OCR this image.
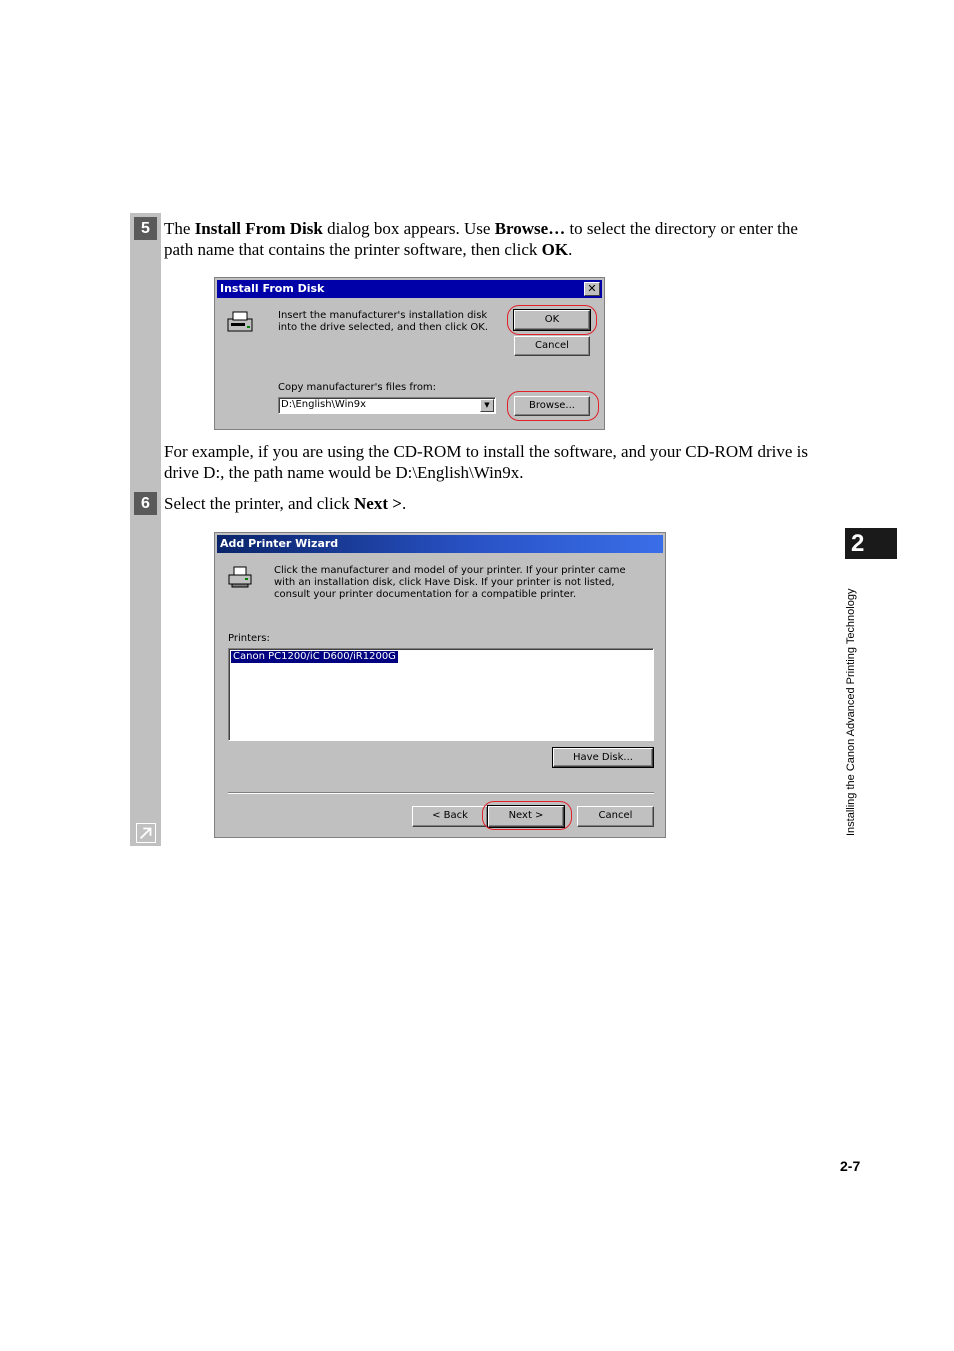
5 The Install From Disk dialog box appears. Use Browse… to select the directory or enter the path name that contains the printer software, then click OK.

Install From Disk	✕
Insert the manufacturer's installation disk into the drive selected, and then click OK.
OK
Cancel
Copy manufacturer's files from:
D:\English\Win9x	▼	Browse...

For example, if you are using the CD-ROM to install the software, and your CD-ROM drive is drive D:, the path name would be D:\English\Win9x.

6 Select the printer, and click Next >.

Add Printer Wizard
Click the manufacturer and model of your printer. If your printer came with an installation disk, click Have Disk. If your printer is not listed, consult your printer documentation for a compatible printer.
Printers:
Canon PC1200/iC D600/iR1200G
Have Disk...
< Back	Next >	Cancel
2
Installing the Canon Advanced Printing Technology
2-7
